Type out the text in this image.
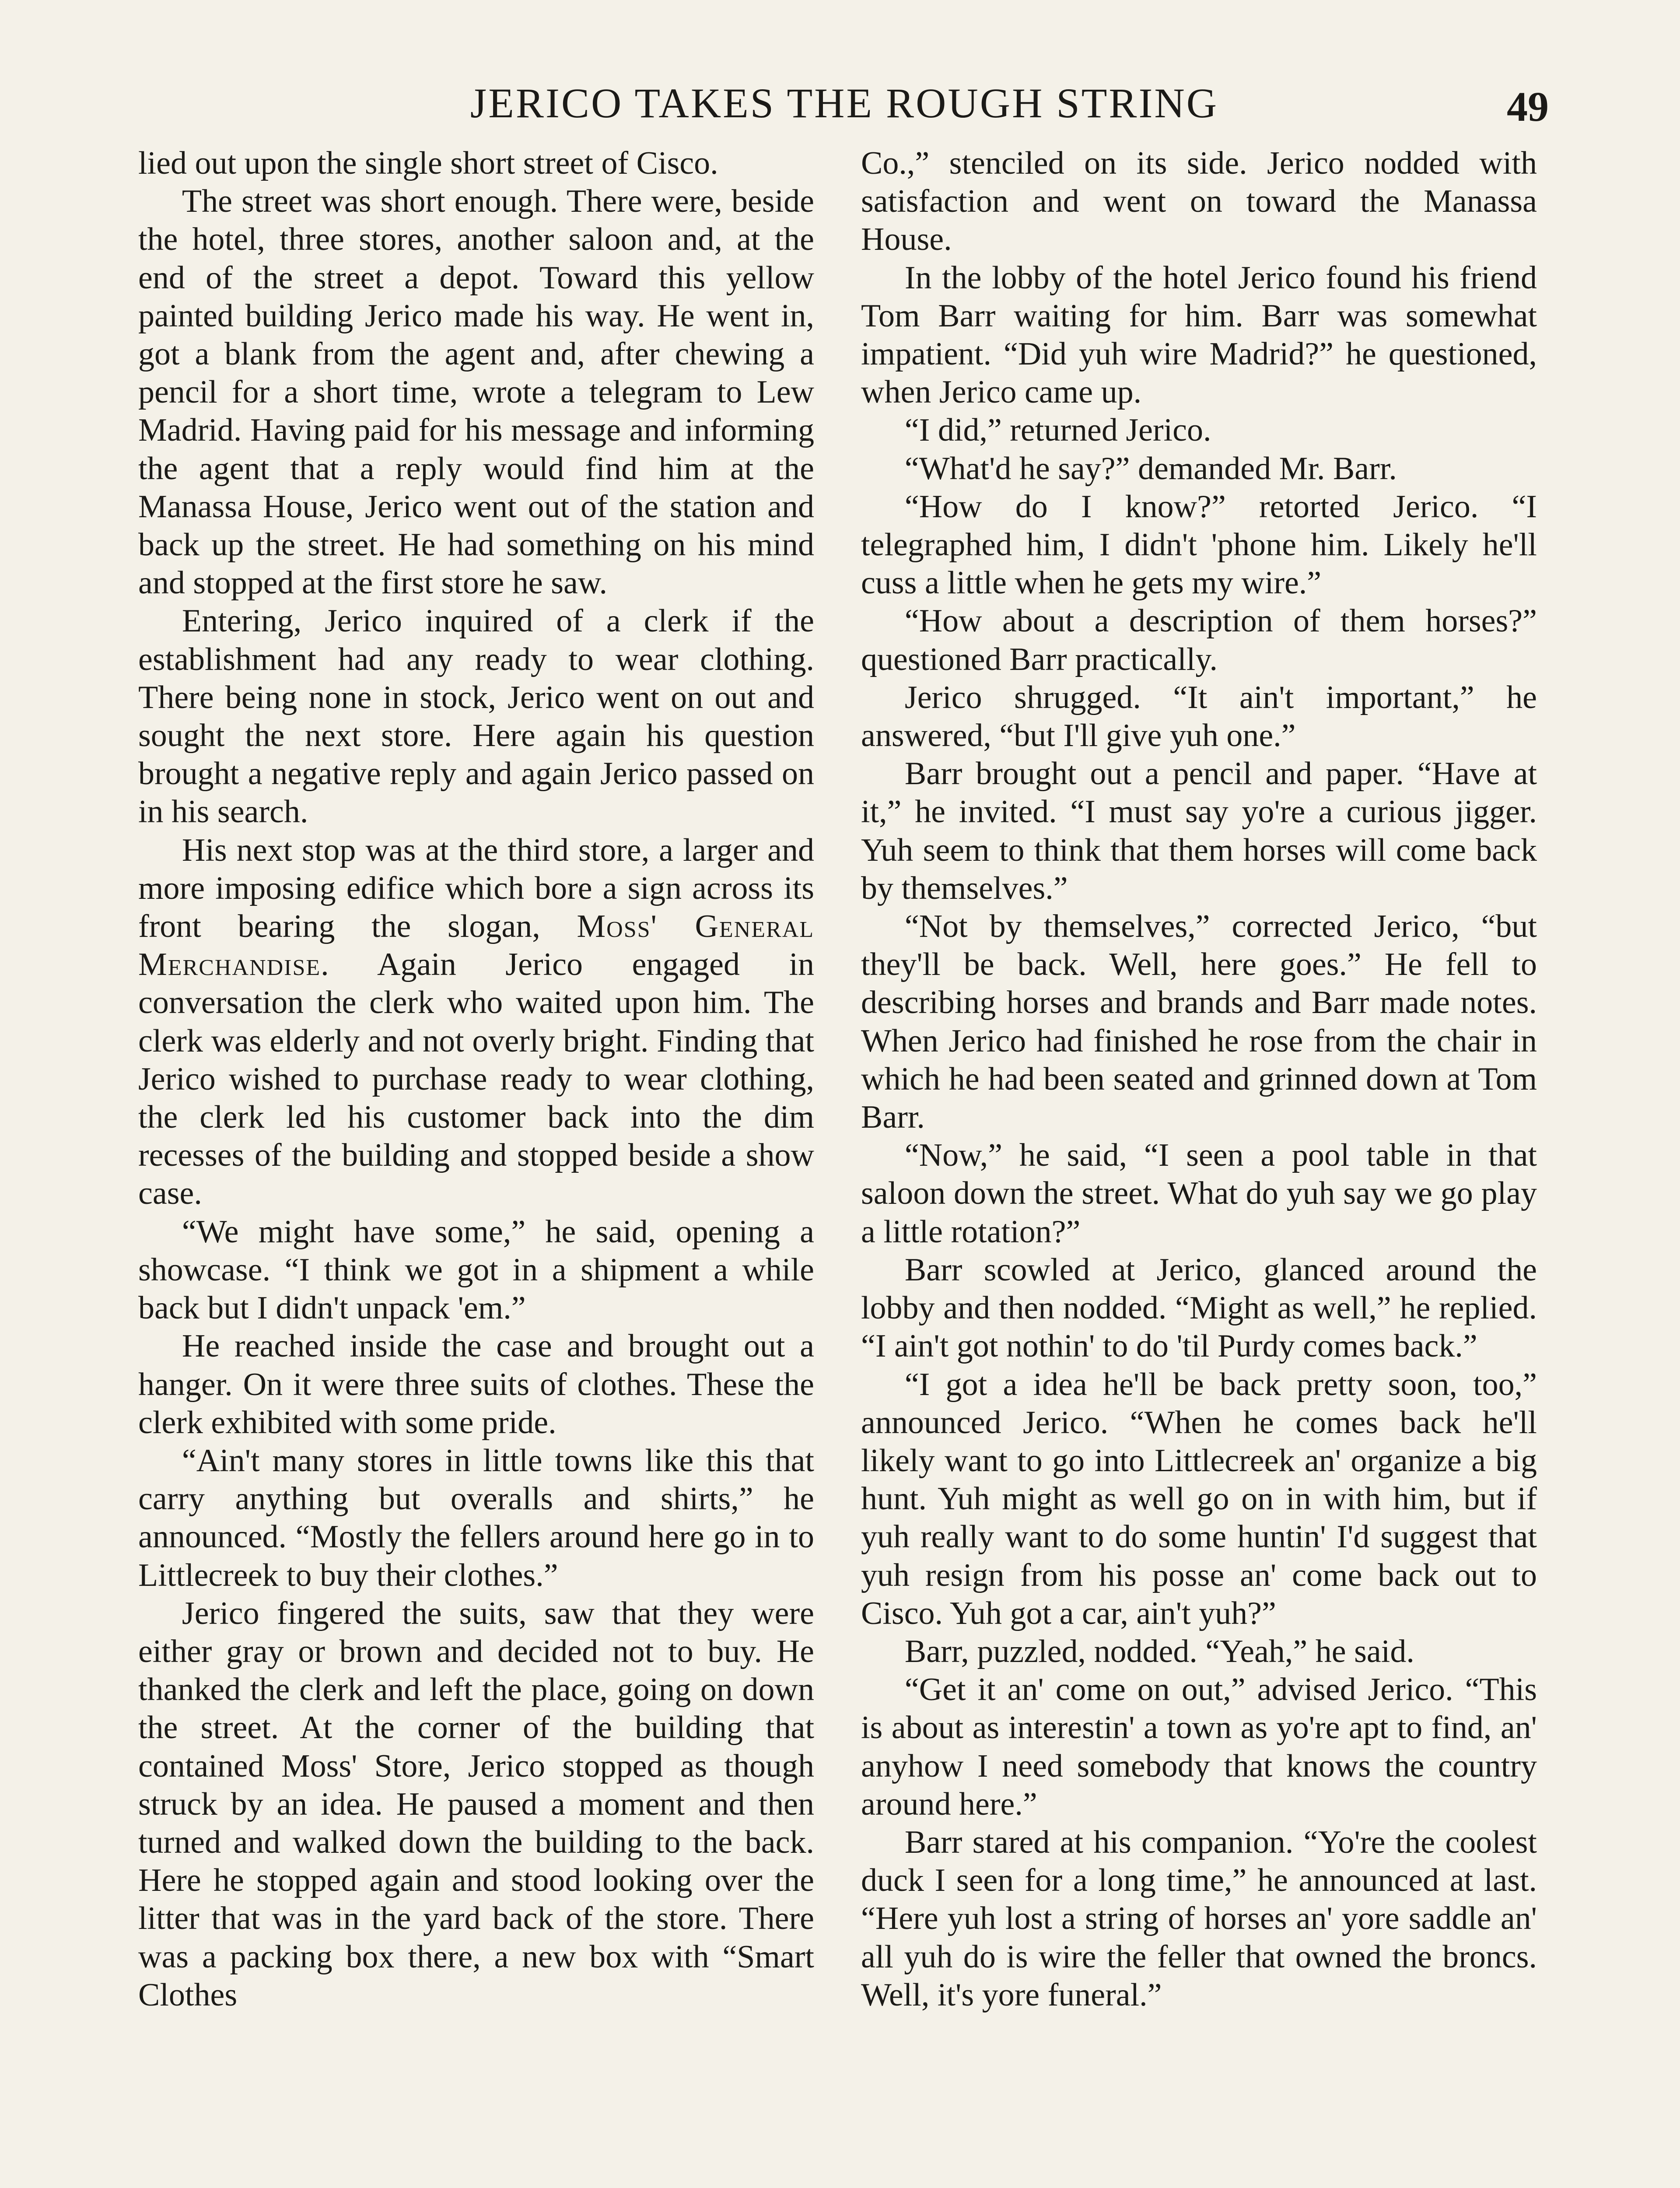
JERICO TAKES THE ROUGH STRING	49

lied out upon the single short street of Cisco.

The street was short enough. There were, beside the hotel, three stores, another saloon and, at the end of the street a depot. Toward this yellow painted building Jerico made his way. He went in, got a blank from the agent and, after chewing a pencil for a short time, wrote a telegram to Lew Madrid. Having paid for his message and informing the agent that a reply would find him at the Manassa House, Jerico went out of the station and back up the street. He had something on his mind and stopped at the first store he saw.

Entering, Jerico inquired of a clerk if the establishment had any ready to wear clothing. There being none in stock, Jerico went on out and sought the next store. Here again his question brought a negative reply and again Jerico passed on in his search.

His next stop was at the third store, a larger and more imposing edifice which bore a sign across its front bearing the slogan, Moss' General Merchandise. Again Jerico engaged in conversation the clerk who waited upon him. The clerk was elderly and not overly bright. Finding that Jerico wished to purchase ready to wear clothing, the clerk led his customer back into the dim recesses of the building and stopped beside a show case.

“We might have some,” he said, opening a showcase. “I think we got in a shipment a while back but I didn't unpack 'em.”

He reached inside the case and brought out a hanger. On it were three suits of clothes. These the clerk exhibited with some pride.

“Ain't many stores in little towns like this that carry anything but overalls and shirts,” he announced. “Mostly the fellers around here go in to Littlecreek to buy their clothes.”

Jerico fingered the suits, saw that they were either gray or brown and decided not to buy. He thanked the clerk and left the place, going on down the street. At the corner of the building that contained Moss' Store, Jerico stopped as though struck by an idea. He paused a moment and then turned and walked down the building to the back. Here he stopped again and stood looking over the litter that was in the yard back of the store. There was a packing box there, a new box with “Smart Clothes

Co.,” stenciled on its side. Jerico nodded with satisfaction and went on toward the Manassa House.

In the lobby of the hotel Jerico found his friend Tom Barr waiting for him. Barr was somewhat impatient. “Did yuh wire Madrid?” he questioned, when Jerico came up.

“I did,” returned Jerico.

“What'd he say?” demanded Mr. Barr.

“How do I know?” retorted Jerico. “I telegraphed him, I didn't 'phone him. Likely he'll cuss a little when he gets my wire.”

“How about a description of them horses?” questioned Barr practically.

Jerico shrugged. “It ain't important,” he answered, “but I'll give yuh one.”

Barr brought out a pencil and paper. “Have at it,” he invited. “I must say yo're a curious jigger. Yuh seem to think that them horses will come back by themselves.”

“Not by themselves,” corrected Jerico, “but they'll be back. Well, here goes.” He fell to describing horses and brands and Barr made notes. When Jerico had finished he rose from the chair in which he had been seated and grinned down at Tom Barr.

“Now,” he said, “I seen a pool table in that saloon down the street. What do yuh say we go play a little rotation?”

Barr scowled at Jerico, glanced around the lobby and then nodded. “Might as well,” he replied. “I ain't got nothin' to do 'til Purdy comes back.”

“I got a idea he'll be back pretty soon, too,” announced Jerico. “When he comes back he'll likely want to go into Littlecreek an' organize a big hunt. Yuh might as well go on in with him, but if yuh really want to do some huntin' I'd suggest that yuh resign from his posse an' come back out to Cisco. Yuh got a car, ain't yuh?”

Barr, puzzled, nodded. “Yeah,” he said.

“Get it an' come on out,” advised Jerico. “This is about as interestin' a town as yo're apt to find, an' anyhow I need somebody that knows the country around here.”

Barr stared at his companion. “Yo're the coolest duck I seen for a long time,” he announced at last. “Here yuh lost a string of horses an' yore saddle an' all yuh do is wire the feller that owned the broncs. Well, it's yore funeral.”
